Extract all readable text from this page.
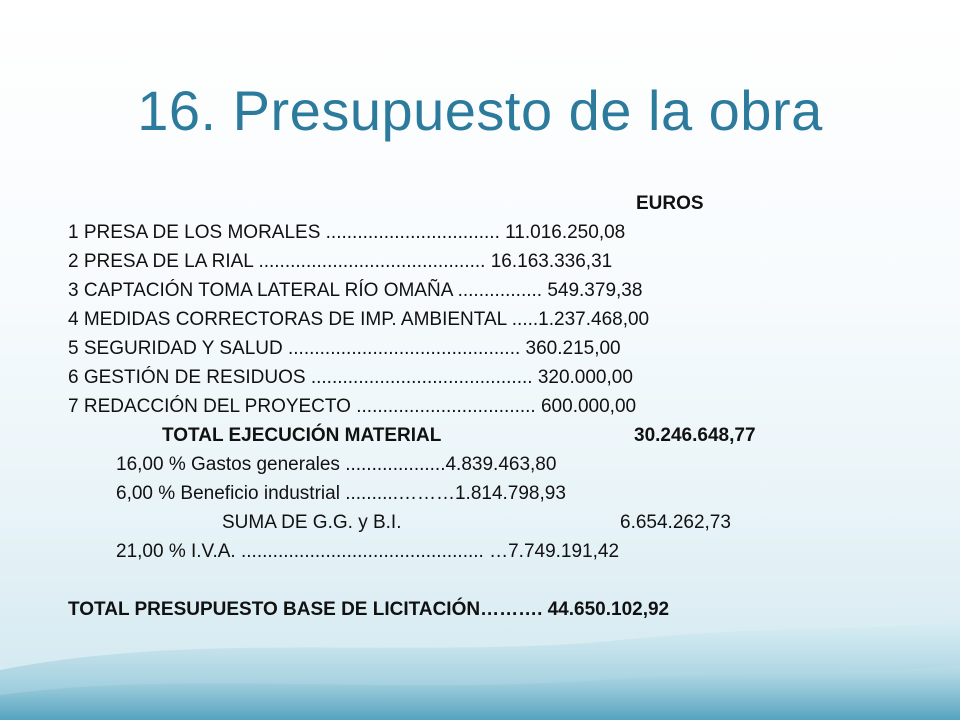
16. Presupuesto de la obra
EUROS
1 PRESA DE LOS MORALES ................................. 11.016.250,08
2 PRESA DE LA RIAL ........................................... 16.163.336,31
3 CAPTACIÓN TOMA LATERAL RÍO OMAÑA ................ 549.379,38
4 MEDIDAS CORRECTORAS DE IMP. AMBIENTAL .....1.237.468,00
5 SEGURIDAD Y SALUD ............................................ 360.215,00
6 GESTIÓN DE RESIDUOS .......................................... 320.000,00
7 REDACCIÓN DEL PROYECTO .................................. 600.000,00
TOTAL EJECUCIÓN MATERIAL	30.246.648,77
16,00 % Gastos generales ...................4.839.463,80
6,00 % Beneficio industrial ..........………1.814.798,93
SUMA DE G.G. y B.I.	6.654.262,73
21,00 % I.V.A. .............................................. …7.749.191,42
TOTAL PRESUPUESTO BASE DE LICITACIÓN………. 44.650.102,92
